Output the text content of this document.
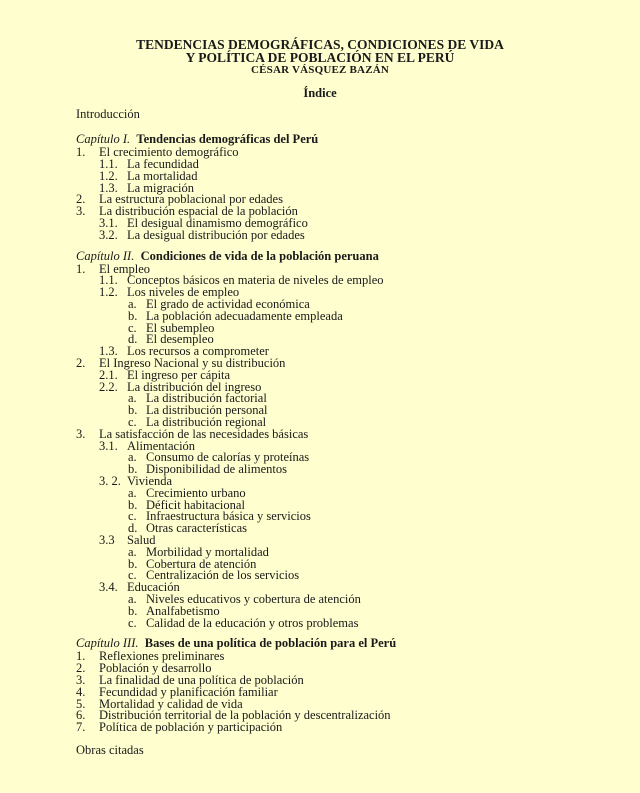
TENDENCIAS DEMOGRÁFICAS, CONDICIONES DE VIDA
Y POLÍTICA DE POBLACIÓN EN EL PERÚ
CÉSAR VÁSQUEZ BAZÁN
Índice
Introducción
Capítulo I. Tendencias demográficas del Perú
1. El crecimiento demográfico
1.1. La fecundidad
1.2. La mortalidad
1.3. La migración
2. La estructura poblacional por edades
3. La distribución espacial de la población
3.1. El desigual dinamismo demográfico
3.2. La desigual distribución por edades
Capítulo II. Condiciones de vida de la población peruana
1. El empleo
1.1. Conceptos básicos en materia de niveles de empleo
1.2. Los niveles de empleo
a. El grado de actividad económica
b. La población adecuadamente empleada
c. El subempleo
d. El desempleo
1.3. Los recursos a comprometer
2. El Ingreso Nacional y su distribución
2.1. El ingreso per cápita
2.2. La distribución del ingreso
a. La distribución factorial
b. La distribución personal
c. La distribución regional
3. La satisfacción de las necesidades básicas
3.1. Alimentación
a. Consumo de calorías y proteínas
b. Disponibilidad de alimentos
3. 2. Vivienda
a. Crecimiento urbano
b. Déficit habitacional
c. Infraestructura básica y servicios
d. Otras características
3.3 Salud
a. Morbilidad y mortalidad
b. Cobertura de atención
c. Centralización de los servicios
3.4. Educación
a. Niveles educativos y cobertura de atención
b. Analfabetismo
c. Calidad de la educación y otros problemas
Capítulo III. Bases de una política de población para el Perú
1. Reflexiones preliminares
2. Población y desarrollo
3. La finalidad de una política de población
4. Fecundidad y planificación familiar
5. Mortalidad y calidad de vida
6. Distribución territorial de la población y descentralización
7. Política de población y participación
Obras citadas
